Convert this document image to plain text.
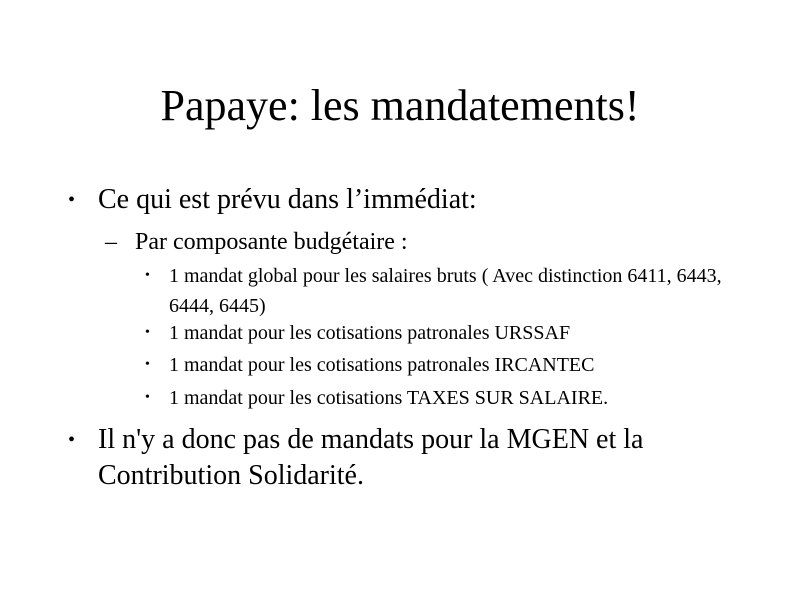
Papaye: les mandatements!
• Ce qui est prévu dans l’immédiat:
– Par composante budgétaire :
• 1 mandat global pour les salaires bruts ( Avec distinction 6411, 6443, 6444, 6445)
• 1 mandat pour les cotisations patronales URSSAF
• 1 mandat pour les cotisations patronales IRCANTEC
• 1 mandat pour les cotisations TAXES SUR SALAIRE.
• Il n'y a donc pas de mandats pour la MGEN et la Contribution Solidarité.
